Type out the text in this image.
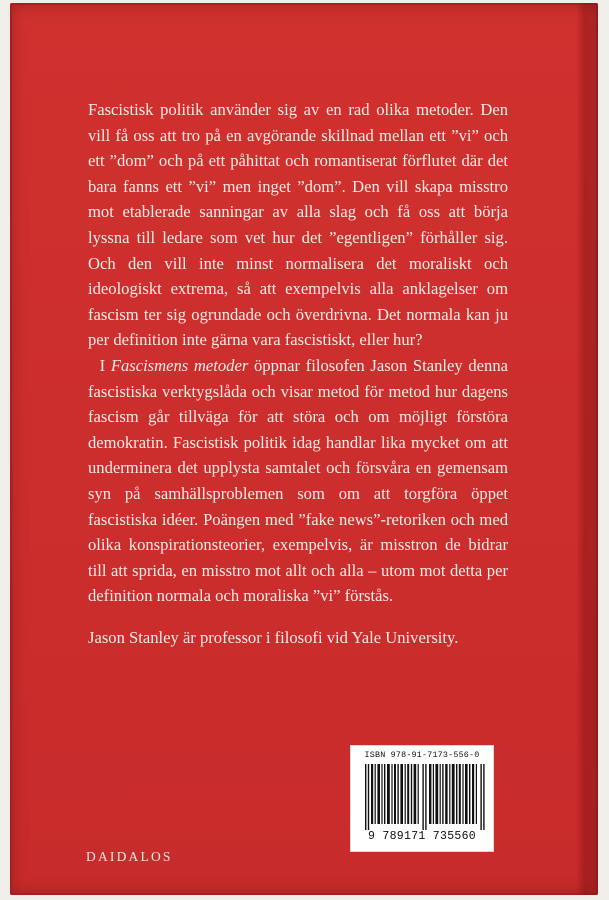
Fascistisk politik använder sig av en rad olika metoder. Den vill få oss att tro på en avgörande skillnad mellan ett ”vi” och ett ”dom” och på ett påhittat och romantiserat förflutet där det bara fanns ett ”vi” men inget ”dom”. Den vill skapa misstro mot etablerade sanningar av alla slag och få oss att börja lyssna till ledare som vet hur det ”egentligen” förhåller sig. Och den vill inte minst normalisera det moraliskt och ideologiskt extrema, så att exempelvis alla anklagelser om fascism ter sig ogrundade och överdrivna. Det normala kan ju per definition inte gärna vara fascistiskt, eller hur?

I Fascismens metoder öppnar filosofen Jason Stanley denna fascistiska verktygslåda och visar metod för metod hur dagens fascism går tillväga för att störa och om möjligt förstöra demokratin. Fascistisk politik idag handlar lika mycket om att underminera det upplysta samtalet och försvåra en gemensam syn på samhällsproblemen som om att torgföra öppet fascistiska idéer. Poängen med ”fake news”-retoriken och med olika konspirationsteorier, exempelvis, är misstron de bidrar till att sprida, en misstro mot allt och alla – utom mot detta per definition normala och moraliska ”vi” förstås.

Jason Stanley är professor i filosofi vid Yale University.

ISBN 978-91-7173-556-0
9 789171 735560
DAIDALOS
